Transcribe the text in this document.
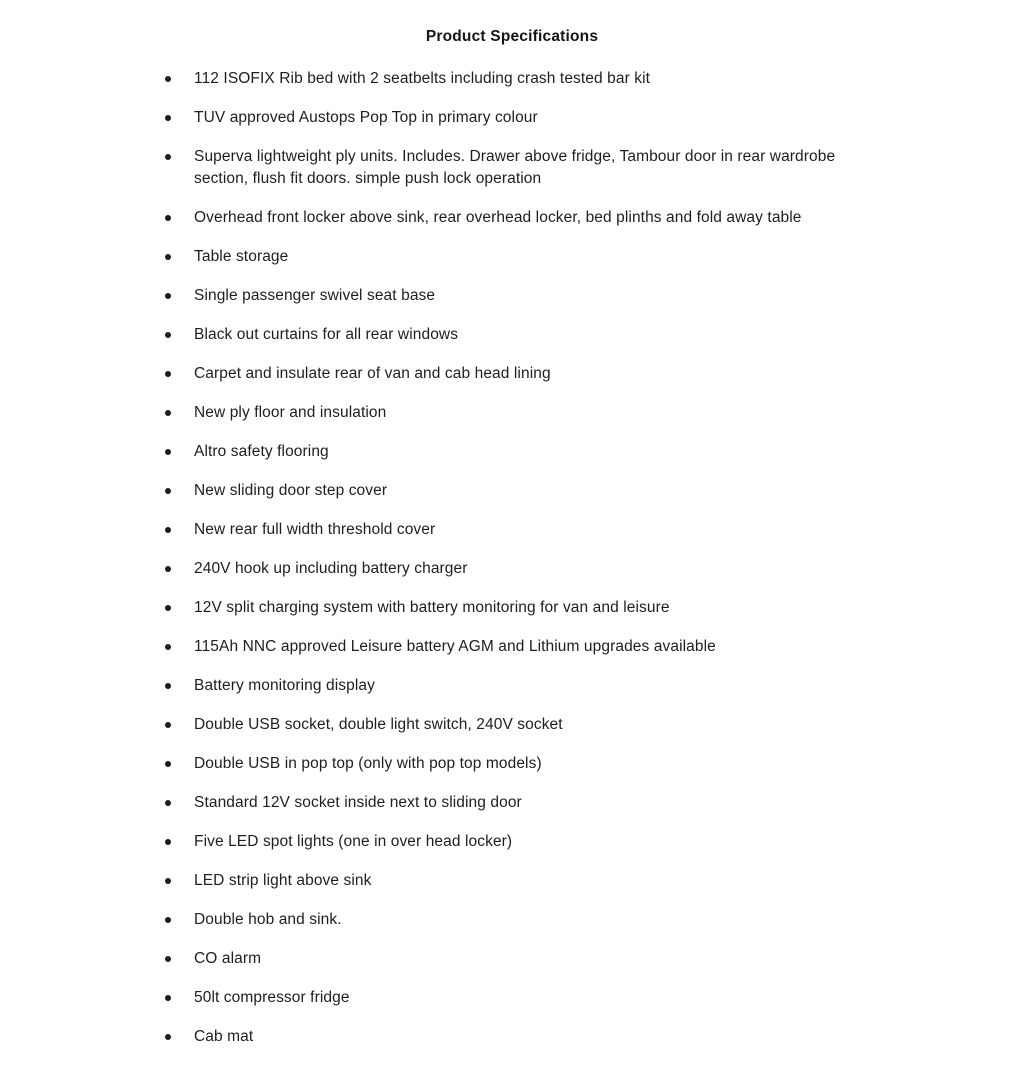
Product Specifications
112 ISOFIX Rib bed with 2 seatbelts including crash tested bar kit
TUV approved Austops Pop Top in primary colour
Superva lightweight ply units. Includes. Drawer above fridge, Tambour door in rear wardrobe section, flush fit doors. simple push lock operation
Overhead front locker above sink, rear overhead locker, bed plinths and fold away table
Table storage
Single passenger swivel seat base
Black out curtains for all rear windows
Carpet and insulate rear of van and cab head lining
New ply floor and insulation
Altro safety flooring
New sliding door step cover
New rear full width threshold cover
240V hook up including battery charger
12V split charging system with battery monitoring for van and leisure
115Ah NNC approved Leisure battery AGM and Lithium upgrades available
Battery monitoring display
Double USB socket, double light switch, 240V socket
Double USB in pop top (only with pop top models)
Standard 12V socket inside next to sliding door
Five LED spot lights (one in over head locker)
LED strip light above sink
Double hob and sink.
CO alarm
50lt compressor fridge
Cab mat
